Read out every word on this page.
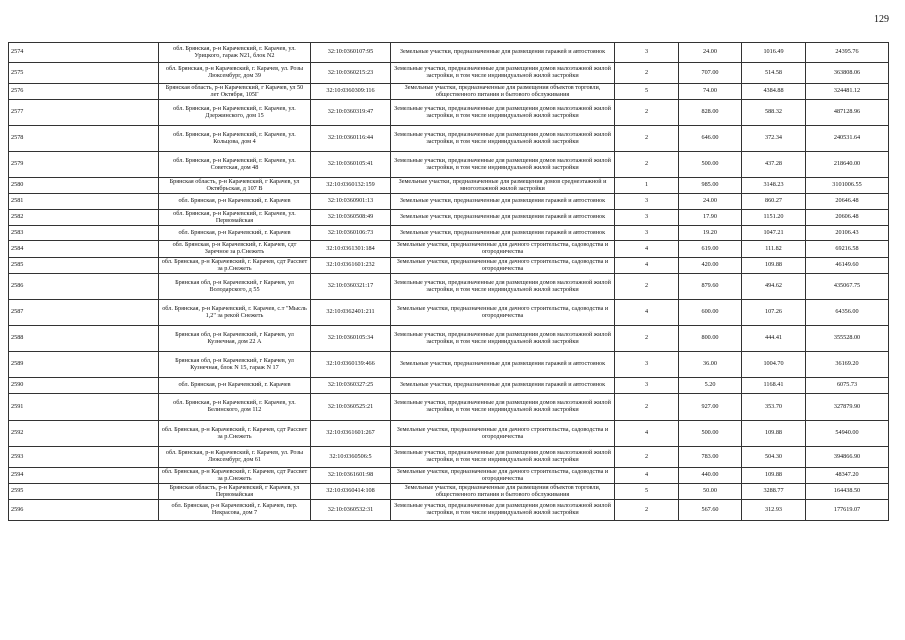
129
2574	обл. Брянская, р-н Карачевский, г. Карачев, ул. Урицкого, гараж N21, блок N2	32:10:0360107:95	Земельные участки, предназначенные для размещения гаражей и автостоянок	3	24.00	1016.49	24395.76
2575	обл. Брянская, р-н Карачевский, г. Карачев, ул. Розы Люксембург, дом 39	32:10:0360215:23	Земельные участки, предназначенные для размещения домов малоэтажной жилой застройки, в том числе индивидуальной жилой застройки	2	707.00	514.58	363808.06
2576	Брянская область, р-н Карачевский, г Карачев, ул 50 лет Октября, 105Г	32:10:0360309:116	Земельные участки, предназначенные для размещения объектов торговли, общественного питания и бытового обслуживания	5	74.00	4384.88	324481.12
2577	обл. Брянская, р-н Карачевский, г. Карачев, ул. Дзержинского, дом 15	32:10:0360319:47	Земельные участки, предназначенные для размещения домов малоэтажной жилой застройки, в том числе индивидуальной жилой застройки	2	828.00	588.32	487128.96
2578	обл. Брянская, р-н Карачевский, г. Карачев, ул. Кольцова, дом 4	32:10:0360116:44	Земельные участки, предназначенные для размещения домов малоэтажной жилой застройки, в том числе индивидуальной жилой застройки	2	646.00	372.34	240531.64
2579	обл. Брянская, р-н Карачевский, г. Карачев, ул. Советская, дом 48	32:10:0360105:41	Земельные участки, предназначенные для размещения домов малоэтажной жилой застройки, в том числе индивидуальной жилой застройки	2	500.00	437.28	218640.00
2580	Брянская область, р-н Карачевский, г Карачев, ул Октябрьская, д 107 В	32:10:0360132:159	Земельные участки, предназначенные для размещения домов среднеэтажной и многоэтажной жилой застройки	1	985.00	3148.23	3101006.55
2581	обл. Брянская, р-н Карачевский, г. Карачев	32:10:0360901:13	Земельные участки, предназначенные для размещения гаражей и автостоянок	3	24.00	860.27	20646.48
2582	обл. Брянская, р-н Карачевский, г. Карачев, ул. Первомайская	32:10:0360508:49	Земельные участки, предназначенные для размещения гаражей и автостоянок	3	17.90	1151.20	20606.48
2583	обл. Брянская, р-н Карачевский, г. Карачев	32:10:0360106:73	Земельные участки, предназначенные для размещения гаражей и автостоянок	3	19.20	1047.21	20106.43
2584	обл. Брянская, р-н Карачевский, г. Карачев, сдт Заречное за р.Снежеть	32:10:0361301:184	Земельные участки, предназначенные для дачного строительства, садоводства и огородничества	4	619.00	111.82	69216.58
2585	обл. Брянская, р-н Карачевский, г. Карачев, сдт Рассвет за р.Снежеть	32:10:0361601:232	Земельные участки, предназначенные для дачного строительства, садоводства и огородничества	4	420.00	109.88	46149.60
2586	Брянская обл, р-н Карачевский, г Карачев, ул Володарского, д 55	32:10:0360321:17	Земельные участки, предназначенные для размещения домов малоэтажной жилой застройки, в том числе индивидуальной жилой застройки	2	879.60	494.62	435067.75
2587	обл. Брянская, р-н Карачевский, г. Карачев, с.т "Мысль 1,2" за рекой Снежеть	32:10:0362401:211	Земельные участки, предназначенные для дачного строительства, садоводства и огородничества	4	600.00	107.26	64356.00
2588	Брянская обл, р-н Карачевский, г Карачев, ул Кузнечная, дом 22 А	32:10:0360105:34	Земельные участки, предназначенные для размещения домов малоэтажной жилой застройки, в том числе индивидуальной жилой застройки	2	800.00	444.41	355528.00
2589	Брянская обл, р-н Карачевский, г Карачев, ул Кузнечная, блок N 15, гараж N 17	32:10:0360139:466	Земельные участки, предназначенные для размещения гаражей и автостоянок	3	36.00	1004.70	36169.20
2590	обл. Брянская, р-н Карачевский, г. Карачев	32:10:0360327:25	Земельные участки, предназначенные для размещения гаражей и автостоянок	3	5.20	1168.41	6075.73
2591	обл. Брянская, р-н Карачевский, г. Карачев, ул. Белинского, дом 112	32:10:0360525:21	Земельные участки, предназначенные для размещения домов малоэтажной жилой застройки, в том числе индивидуальной жилой застройки	2	927.00	353.70	327879.90
2592	обл. Брянская, р-н Карачевский, г. Карачев, сдт Рассвет за р.Снежеть	32:10:0361601:267	Земельные участки, предназначенные для дачного строительства, садоводства и огородничества	4	500.00	109.88	54940.00
2593	обл. Брянская, р-н Карачевский, г. Карачев, ул. Розы Люксембург, дом 61	32:10:0360506:5	Земельные участки, предназначенные для размещения домов малоэтажной жилой застройки, в том числе индивидуальной жилой застройки	2	783.00	504.30	394866.90
2594	обл. Брянская, р-н Карачевский, г. Карачев, сдт Рассвет за р.Снежеть	32:10:0361601:98	Земельные участки, предназначенные для дачного строительства, садоводства и огородничества	4	440.00	109.88	48347.20
2595	Брянская область, р-н Карачевский, г Карачев, ул Первомайская	32:10:0360414:108	Земельные участки, предназначенные для размещения объектов торговли, общественного питания и бытового обслуживания	5	50.00	3288.77	164438.50
2596	обл. Брянская, р-н Карачевский, г. Карачев, пер. Некрасова, дом 7	32:10:0360532:31	Земельные участки, предназначенные для размещения домов малоэтажной жилой застройки, в том числе индивидуальной жилой застройки	2	567.60	312.93	177619.07
